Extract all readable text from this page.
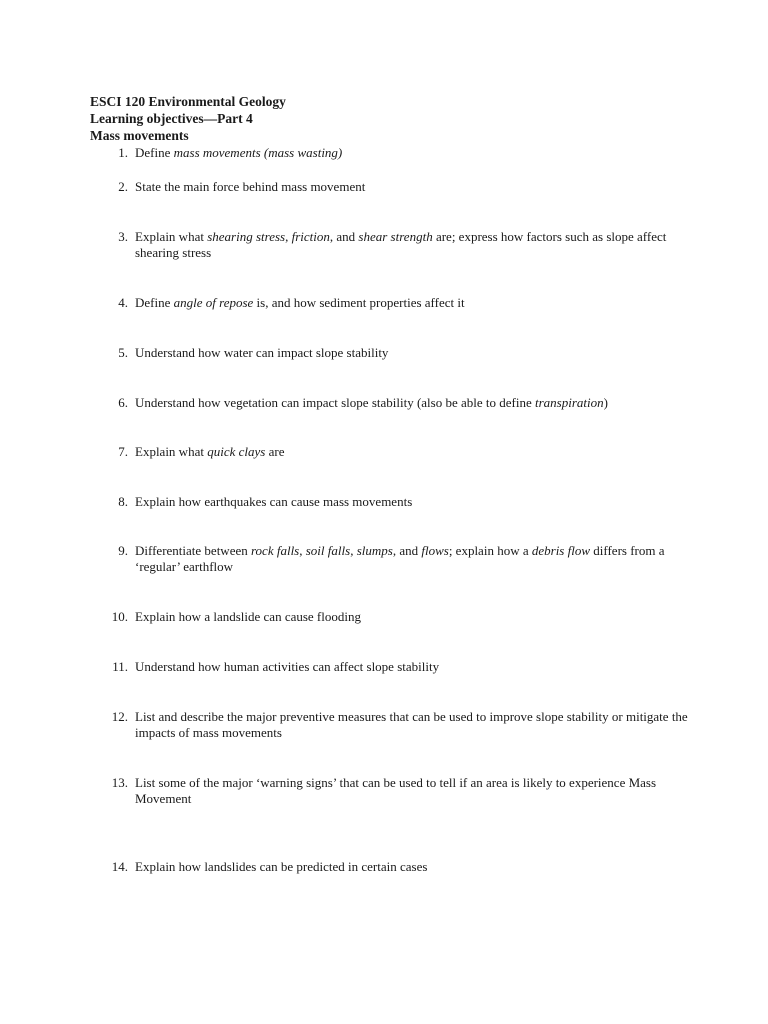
ESCI 120 Environmental Geology
Learning objectives—Part 4
Mass movements
1. Define mass movements (mass wasting)
2. State the main force behind mass movement
3. Explain what shearing stress, friction, and shear strength are; express how factors such as slope affect shearing stress
4. Define angle of repose is, and how sediment properties affect it
5. Understand how water can impact slope stability
6. Understand how vegetation can impact slope stability (also be able to define transpiration)
7. Explain what quick clays are
8. Explain how earthquakes can cause mass movements
9. Differentiate between rock falls, soil falls, slumps, and flows; explain how a debris flow differs from a ‘regular’ earthflow
10. Explain how a landslide can cause flooding
11. Understand how human activities can affect slope stability
12. List and describe the major preventive measures that can be used to improve slope stability or mitigate the impacts of mass movements
13. List some of the major ‘warning signs’ that can be used to tell if an area is likely to experience Mass Movement
14. Explain how landslides can be predicted in certain cases
